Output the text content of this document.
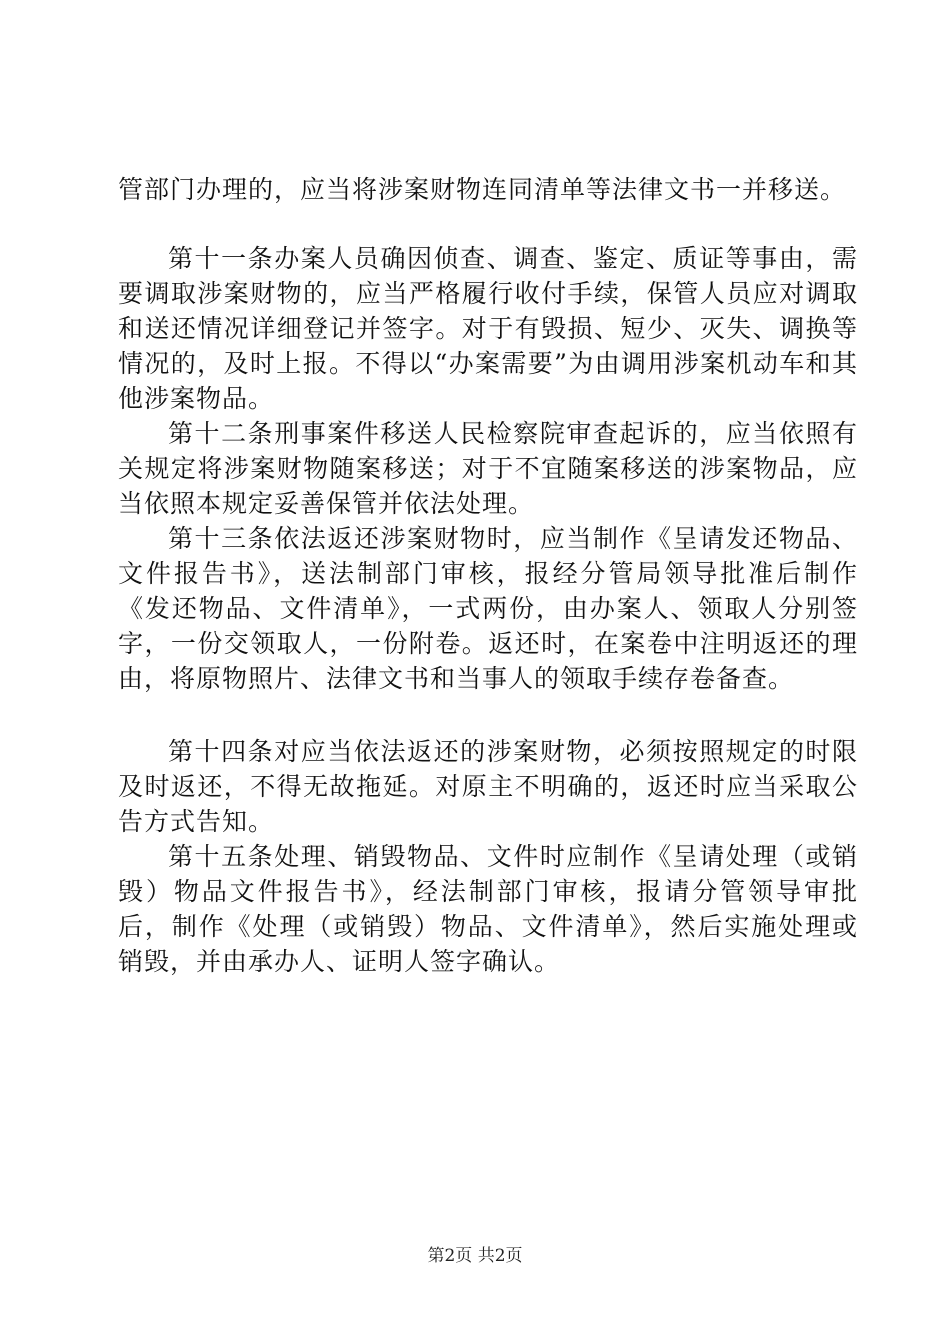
管部门办理的，应当将涉案财物连同清单等法律文书一并移送。

第十一条办案人员确因侦查、调查、鉴定、质证等事由，需要调取涉案财物的，应当严格履行收付手续，保管人员应对调取和送还情况详细登记并签字。对于有毁损、短少、灭失、调换等情况的，及时上报。不得以“办案需要”为由调用涉案机动车和其他涉案物品。

第十二条刑事案件移送人民检察院审查起诉的，应当依照有关规定将涉案财物随案移送；对于不宜随案移送的涉案物品，应当依照本规定妥善保管并依法处理。

第十三条依法返还涉案财物时，应当制作《呈请发还物品、文件报告书》，送法制部门审核，报经分管局领导批准后制作《发还物品、文件清单》，一式两份，由办案人、领取人分别签字，一份交领取人，一份附卷。返还时，在案卷中注明返还的理由，将原物照片、法律文书和当事人的领取手续存卷备查。

第十四条对应当依法返还的涉案财物，必须按照规定的时限及时返还，不得无故拖延。对原主不明确的，返还时应当采取公告方式告知。

第十五条处理、销毁物品、文件时应制作《呈请处理（或销毁）物品文件报告书》，经法制部门审核，报请分管领导审批后，制作《处理（或销毁）物品、文件清单》，然后实施处理或销毁，并由承办人、证明人签字确认。

第2页 共2页
